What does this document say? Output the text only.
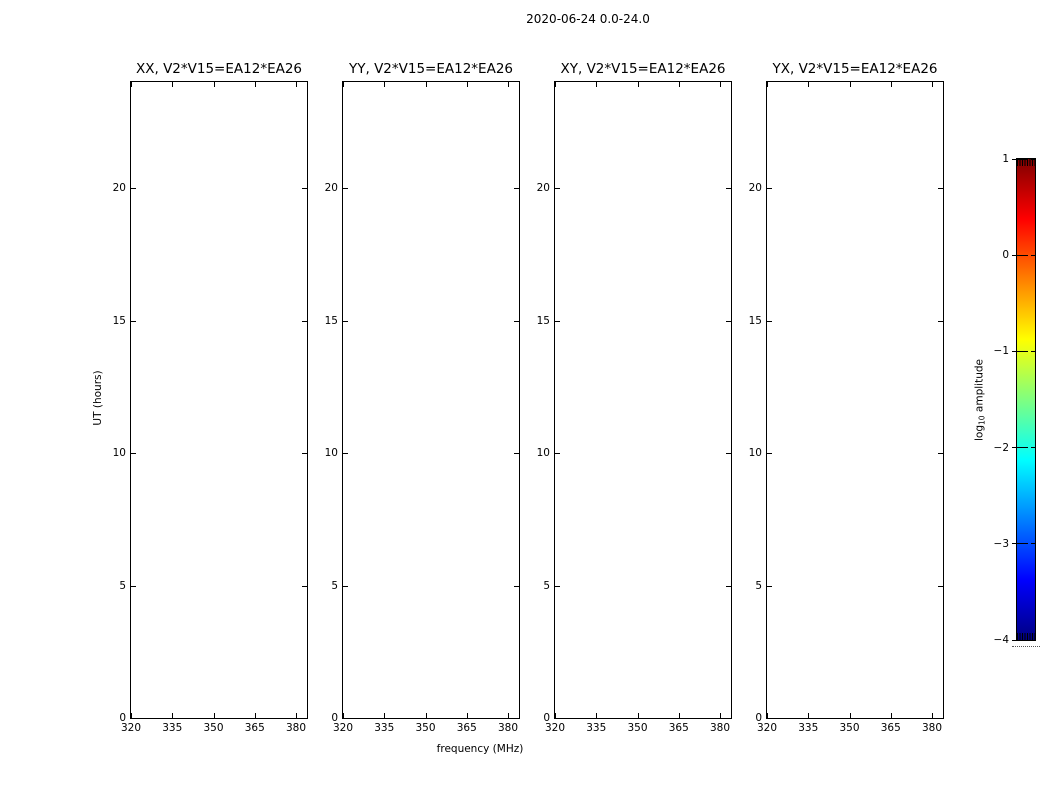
2020-06-24 0.0-24.0
UT (hours)
frequency (MHz)
XX, V2*V15=EA12*EA26
320 335 350 365 380
0
5
10
15
20
YY, V2*V15=EA12*EA26
320 335 350 365 380
0
5
10
15
20
XY, V2*V15=EA12*EA26
320 335 350 365 380
0
5
10
15
20
YX, V2*V15=EA12*EA26
320 335 350 365 380
0
5
10
15
20
1
0
−1
−2
−3
−4
$\log_{10}$ amplitude
